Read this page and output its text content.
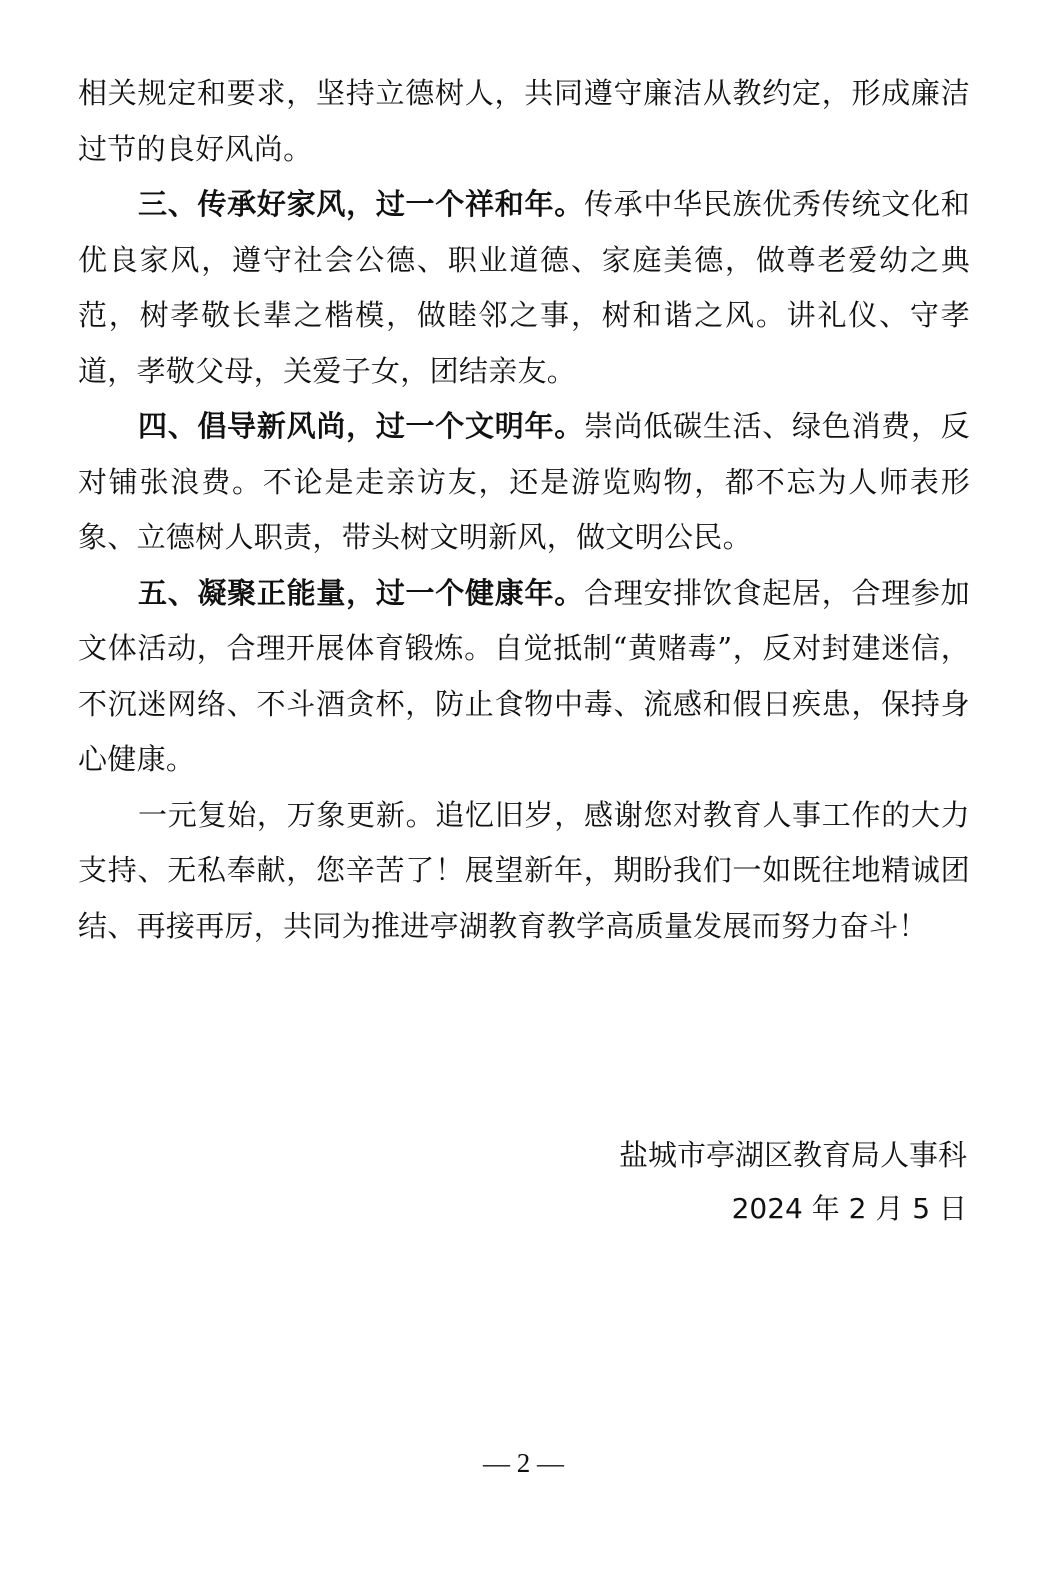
相关规定和要求，坚持立德树人，共同遵守廉洁从教约定，形成廉洁过节的良好风尚。

三、传承好家风，过一个祥和年。传承中华民族优秀传统文化和优良家风，遵守社会公德、职业道德、家庭美德，做尊老爱幼之典范，树孝敬长辈之楷模，做睦邻之事，树和谐之风。讲礼仪、守孝道，孝敬父母，关爱子女，团结亲友。

四、倡导新风尚，过一个文明年。崇尚低碳生活、绿色消费，反对铺张浪费。不论是走亲访友，还是游览购物，都不忘为人师表形象、立德树人职责，带头树文明新风，做文明公民。

五、凝聚正能量，过一个健康年。合理安排饮食起居，合理参加文体活动，合理开展体育锻炼。自觉抵制“黄赌毒”，反对封建迷信，不沉迷网络、不斗酒贪杯，防止食物中毒、流感和假日疾患，保持身心健康。

一元复始，万象更新。追忆旧岁，感谢您对教育人事工作的大力支持、无私奉献，您辛苦了！展望新年，期盼我们一如既往地精诚团结、再接再厉，共同为推进亭湖教育教学高质量发展而努力奋斗！

盐城市亭湖区教育局人事科
2024 年 2 月 5 日
— 2 —
